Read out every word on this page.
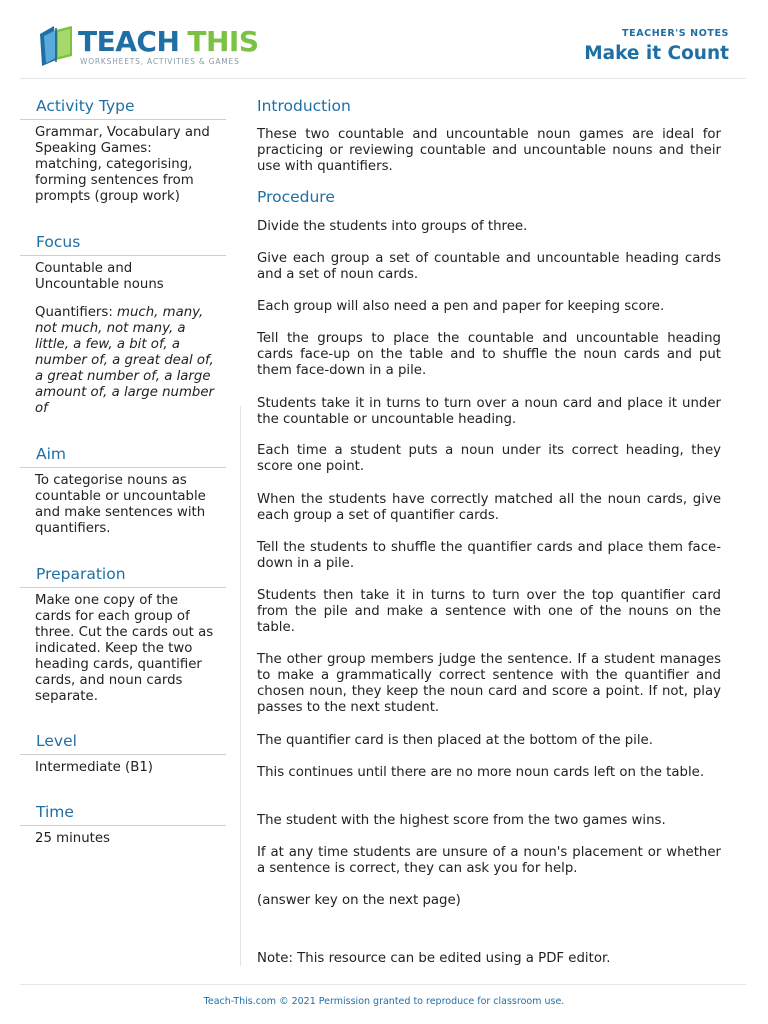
TEACH THIS
WORKSHEETS, ACTIVITIES & GAMES
TEACHER'S NOTES
Make it Count
Activity Type

Grammar, Vocabulary and Speaking Games: matching, categorising, forming sentences from prompts (group work)

Focus

Countable and Uncountable nouns

Quantifiers: much, many, not much, not many, a little, a few, a bit of, a number of, a great deal of, a great number of, a large amount of, a large number of

Aim

To categorise nouns as countable or uncountable and make sentences with quantifiers.

Preparation

Make one copy of the cards for each group of three. Cut the cards out as indicated. Keep the two heading cards, quantifier cards, and noun cards separate.

Level

Intermediate (B1)

Time

25 minutes

Introduction

These two countable and uncountable noun games are ideal for practicing or reviewing countable and uncountable nouns and their use with quantifiers.

Procedure

Divide the students into groups of three.

Give each group a set of countable and uncountable heading cards and a set of noun cards.

Each group will also need a pen and paper for keeping score.

Tell the groups to place the countable and uncountable heading cards face-up on the table and to shuffle the noun cards and put them face-down in a pile.

Students take it in turns to turn over a noun card and place it under the countable or uncountable heading.

Each time a student puts a noun under its correct heading, they score one point.

When the students have correctly matched all the noun cards, give each group a set of quantifier cards.

Tell the students to shuffle the quantifier cards and place them face-down in a pile.

Students then take it in turns to turn over the top quantifier card from the pile and make a sentence with one of the nouns on the table.

The other group members judge the sentence. If a student manages to make a grammatically correct sentence with the quantifier and chosen noun, they keep the noun card and score a point. If not, play passes to the next student.

The quantifier card is then placed at the bottom of the pile.

This continues until there are no more noun cards left on the table.

The student with the highest score from the two games wins.

If at any time students are unsure of a noun's placement or whether a sentence is correct, they can ask you for help.

(answer key on the next page)

Note: This resource can be edited using a PDF editor.

Teach-This.com © 2021 Permission granted to reproduce for classroom use.
